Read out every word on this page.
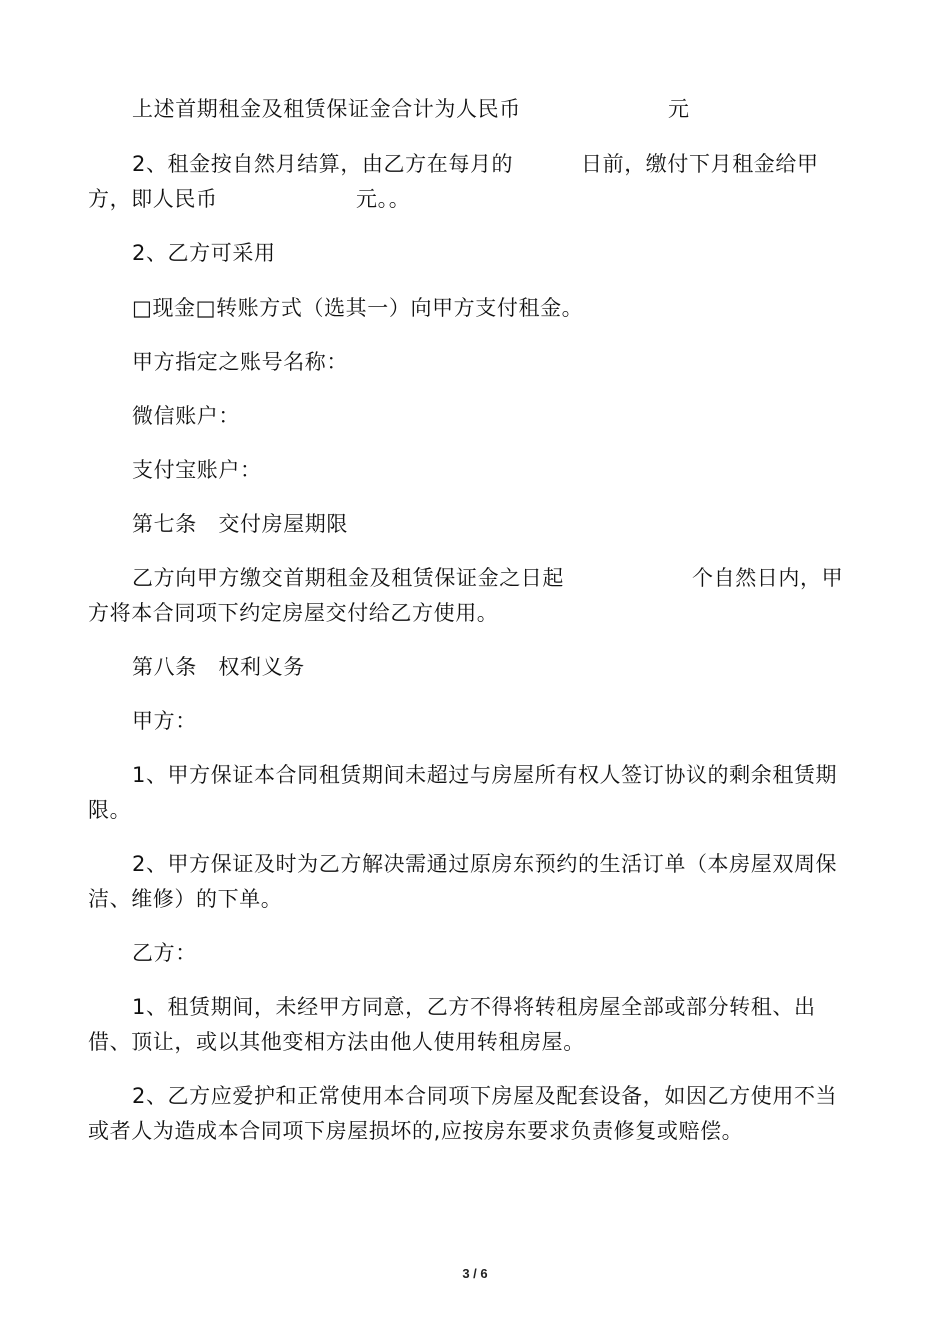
上述首期租金及租赁保证金合计为人民币	元
2、租金按自然月结算，由乙方在每月的	日前，缴付下月租金给甲
方，即人民币	元。。
2、乙方可采用
□现金□转账方式（选其一）向甲方支付租金。
甲方指定之账号名称：
微信账户：
支付宝账户：
第七条　交付房屋期限
乙方向甲方缴交首期租金及租赁保证金之日起	个自然日内，甲
方将本合同项下约定房屋交付给乙方使用。
第八条　权利义务
甲方：
1、甲方保证本合同租赁期间未超过与房屋所有权人签订协议的剩余租赁期
限。
2、甲方保证及时为乙方解决需通过原房东预约的生活订单（本房屋双周保
洁、维修）的下单。
乙方：
1、租赁期间，未经甲方同意，乙方不得将转租房屋全部或部分转租、出
借、顶让，或以其他变相方法由他人使用转租房屋。
2、乙方应爱护和正常使用本合同项下房屋及配套设备，如因乙方使用不当
或者人为造成本合同项下房屋损坏的,应按房东要求负责修复或赔偿。
3 / 6
